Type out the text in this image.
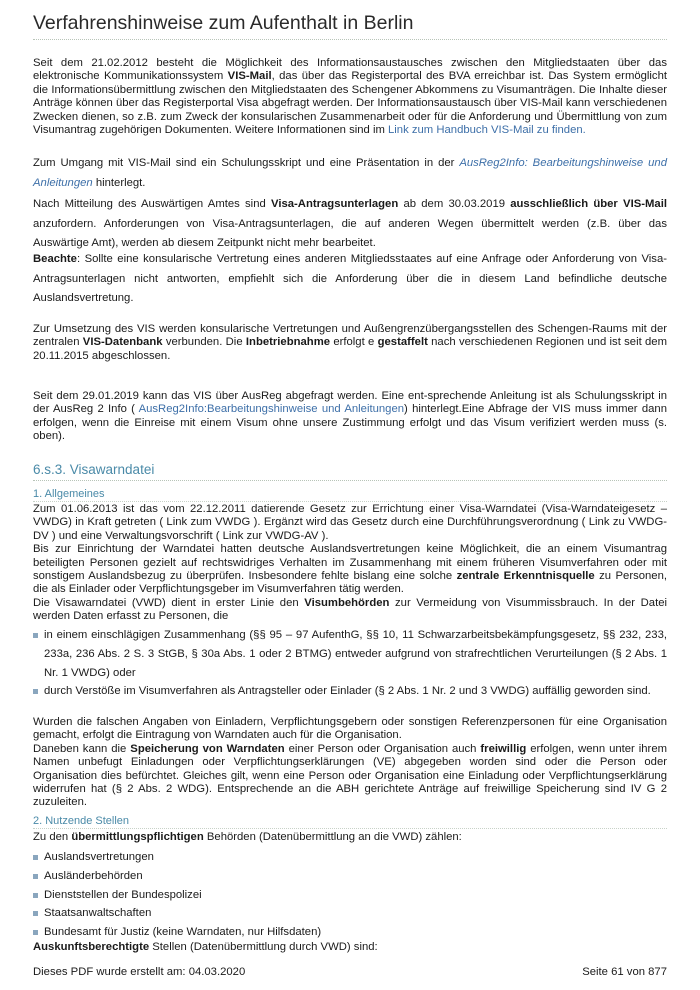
Verfahrenshinweise zum Aufenthalt in Berlin

Seit dem 21.02.2012 besteht die Möglichkeit des Informationsaustausches zwischen den Mitgliedstaaten über das elektronische Kommunikationssystem VIS-Mail, das über das Registerportal des BVA erreichbar ist. Das System ermöglicht die Informationsübermittlung zwischen den Mitgliedstaaten des Schengener Abkommens zu Visumanträgen. Die Inhalte dieser Anträge können über das Registerportal Visa abgefragt werden. Der Informationsaustausch über VIS-Mail kann verschiedenen Zwecken dienen, so z.B. zum Zweck der konsularischen Zusammenarbeit oder für die Anforderung und Übermittlung von zum Visumantrag zugehörigen Dokumenten. Weitere Informationen sind im Link zum Handbuch VIS-Mail zu finden.

Zum Umgang mit VIS-Mail sind ein Schulungsskript und eine Präsentation in der AusReg2Info: Bearbeitungshinweise und Anleitungen hinterlegt.

Nach Mitteilung des Auswärtigen Amtes sind Visa-Antragsunterlagen ab dem 30.03.2019 ausschließlich über VIS-Mail anzufordern. Anforderungen von Visa-Antragsunterlagen, die auf anderen Wegen übermittelt werden (z.B. über das Auswärtige Amt), werden ab diesem Zeitpunkt nicht mehr bearbeitet.

Beachte: Sollte eine konsularische Vertretung eines anderen Mitgliedsstaates auf eine Anfrage oder Anforderung von Visa-Antragsunterlagen nicht antworten, empfiehlt sich die Anforderung über die in diesem Land befindliche deutsche Auslandsvertretung.

Zur Umsetzung des VIS werden konsularische Vertretungen und Außengrenzübergangsstellen des Schengen-Raums mit der zentralen VIS-Datenbank verbunden. Die Inbetriebnahme erfolgt e gestaffelt nach verschiedenen Regionen und ist seit dem 20.11.2015 abgeschlossen.

Seit dem 29.01.2019 kann das VIS über AusReg abgefragt werden. Eine ent-sprechende Anleitung ist als Schulungsskript in der AusReg 2 Info ( AusReg2Info:Bearbeitungshinweise und Anleitungen) hinterlegt.Eine Abfrage der VIS muss immer dann erfolgen, wenn die Einreise mit einem Visum ohne unsere Zustimmung erfolgt und das Visum verifiziert werden muss (s. oben).

6.s.3. Visawarndatei
1. Allgemeines
Zum 01.06.2013 ist das vom 22.12.2011 datierende Gesetz zur Errichtung einer Visa-Warndatei (Visa-Warndateigesetz – VWDG) in Kraft getreten ( Link zum VWDG ). Ergänzt wird das Gesetz durch eine Durchführungsverordnung ( Link zu VWDG-DV ) und eine Verwaltungsvorschrift ( Link zur VWDG-AV ).
Bis zur Einrichtung der Warndatei hatten deutsche Auslandsvertretungen keine Möglichkeit, die an einem Visumantrag beteiligten Personen gezielt auf rechtswidriges Verhalten im Zusammenhang mit einem früheren Visumverfahren oder mit sonstigem Auslandsbezug zu überprüfen. Insbesondere fehlte bislang eine solche zentrale Erkenntnisquelle zu Personen, die als Einlader oder Verpflichtungsgeber im Visumverfahren tätig werden.
Die Visawarndatei (VWD) dient in erster Linie den Visumbehörden zur Vermeidung von Visummissbrauch. In der Datei werden Daten erfasst zu Personen, die
in einem einschlägigen Zusammenhang (§§ 95 – 97 AufenthG, §§ 10, 11 Schwarzarbeitsbekämpfungsgesetz, §§ 232, 233, 233a, 236 Abs. 2 S. 3 StGB, § 30a Abs. 1 oder 2 BTMG) entweder aufgrund von strafrechtlichen Verurteilungen (§ 2 Abs. 1 Nr. 1 VWDG) oder
durch Verstöße im Visumverfahren als Antragsteller oder Einlader (§ 2 Abs. 1 Nr. 2 und 3 VWDG) auffällig geworden sind.
Wurden die falschen Angaben von Einladern, Verpflichtungsgebern oder sonstigen Referenzpersonen für eine Organisation gemacht, erfolgt die Eintragung von Warndaten auch für die Organisation.
Daneben kann die Speicherung von Warndaten einer Person oder Organisation auch freiwillig erfolgen, wenn unter ihrem Namen unbefugt Einladungen oder Verpflichtungserklärungen (VE) abgegeben worden sind oder die Person oder Organisation dies befürchtet. Gleiches gilt, wenn eine Person oder Organisation eine Einladung oder Verpflichtungserklärung widerrufen hat (§ 2 Abs. 2 WDG). Entsprechende an die ABH gerichtete Anträge auf freiwillige Speicherung sind IV G 2 zuzuleiten.
2. Nutzende Stellen

Zu den übermittlungspflichtigen Behörden (Datenübermittlung an die VWD) zählen:

Auslandsvertretungen
Ausländerbehörden
Dienststellen der Bundespolizei
Staatsanwaltschaften
Bundesamt für Justiz (keine Warndaten, nur Hilfsdaten)

Auskunftsberechtigte Stellen (Datenübermittlung durch VWD) sind:

Dieses PDF wurde erstellt am: 04.03.2020	Seite 61 von 877
